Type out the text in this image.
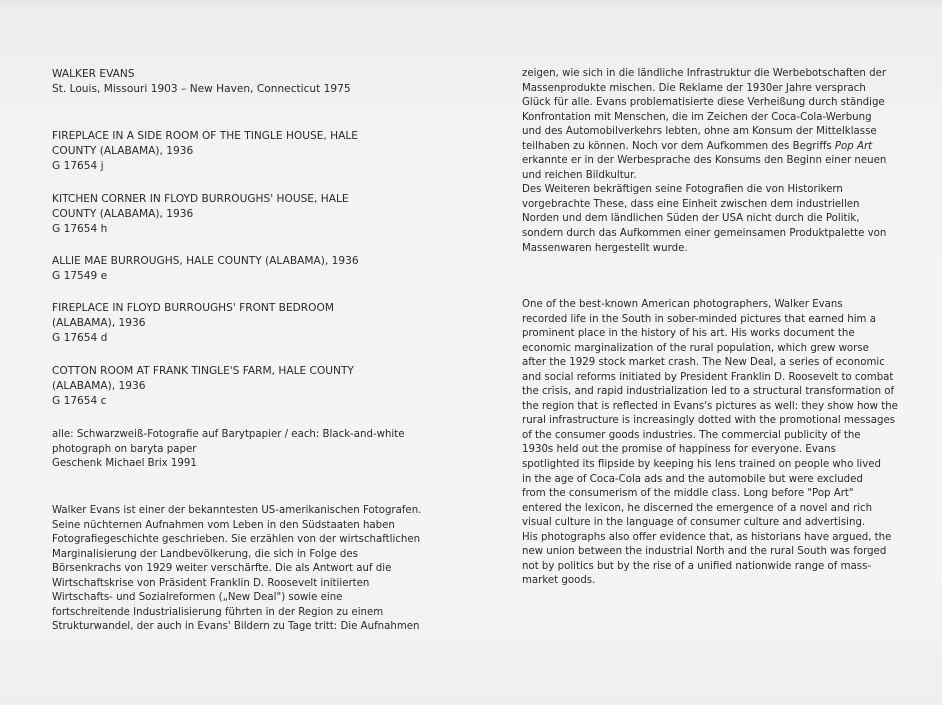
WALKER EVANS
St. Louis, Missouri 1903 – New Haven, Connecticut 1975
FIREPLACE IN A SIDE ROOM OF THE TINGLE HOUSE, HALE
COUNTY (ALABAMA), 1936
G 17654 j
KITCHEN CORNER IN FLOYD BURROUGHS' HOUSE, HALE
COUNTY (ALABAMA), 1936
G 17654 h
ALLIE MAE BURROUGHS, HALE COUNTY (ALABAMA), 1936
G 17549 e
FIREPLACE IN FLOYD BURROUGHS' FRONT BEDROOM
(ALABAMA), 1936
G 17654 d
COTTON ROOM AT FRANK TINGLE'S FARM, HALE COUNTY
(ALABAMA), 1936
G 17654 c
alle: Schwarzweiß-Fotografie auf Barytpapier / each: Black-and-white
photograph on baryta paper
Geschenk Michael Brix 1991
Walker Evans ist einer der bekanntesten US-amerikanischen Fotografen.
Seine nüchternen Aufnahmen vom Leben in den Südstaaten haben
Fotografiegeschichte geschrieben. Sie erzählen von der wirtschaftlichen
Marginalisierung der Landbevölkerung, die sich in Folge des
Börsenkrachs von 1929 weiter verschärfte. Die als Antwort auf die
Wirtschaftskrise von Präsident Franklin D. Roosevelt initiierten
Wirtschafts- und Sozialreformen („New Deal") sowie eine
fortschreitende Industrialisierung führten in der Region zu einem
Strukturwandel, der auch in Evans' Bildern zu Tage tritt: Die Aufnahmen
zeigen, wie sich in die ländliche Infrastruktur die Werbebotschaften der
Massenprodukte mischen. Die Reklame der 1930er Jahre versprach
Glück für alle. Evans problematisierte diese Verheißung durch ständige
Konfrontation mit Menschen, die im Zeichen der Coca-Cola-Werbung
und des Automobilverkehrs lebten, ohne am Konsum der Mittelklasse
teilhaben zu können. Noch vor dem Aufkommen des Begriffs Pop Art
erkannte er in der Werbesprache des Konsums den Beginn einer neuen
und reichen Bildkultur.
Des Weiteren bekräftigen seine Fotografien die von Historikern
vorgebrachte These, dass eine Einheit zwischen dem industriellen
Norden und dem ländlichen Süden der USA nicht durch die Politik,
sondern durch das Aufkommen einer gemeinsamen Produktpalette von
Massenwaren hergestellt wurde.
One of the best-known American photographers, Walker Evans
recorded life in the South in sober-minded pictures that earned him a
prominent place in the history of his art. His works document the
economic marginalization of the rural population, which grew worse
after the 1929 stock market crash. The New Deal, a series of economic
and social reforms initiated by President Franklin D. Roosevelt to combat
the crisis, and rapid industrialization led to a structural transformation of
the region that is reflected in Evans's pictures as well: they show how the
rural infrastructure is increasingly dotted with the promotional messages
of the consumer goods industries. The commercial publicity of the
1930s held out the promise of happiness for everyone. Evans
spotlighted its flipside by keeping his lens trained on people who lived
in the age of Coca-Cola ads and the automobile but were excluded
from the consumerism of the middle class. Long before "Pop Art"
entered the lexicon, he discerned the emergence of a novel and rich
visual culture in the language of consumer culture and advertising.
His photographs also offer evidence that, as historians have argued, the
new union between the industrial North and the rural South was forged
not by politics but by the rise of a unified nationwide range of mass-
market goods.
